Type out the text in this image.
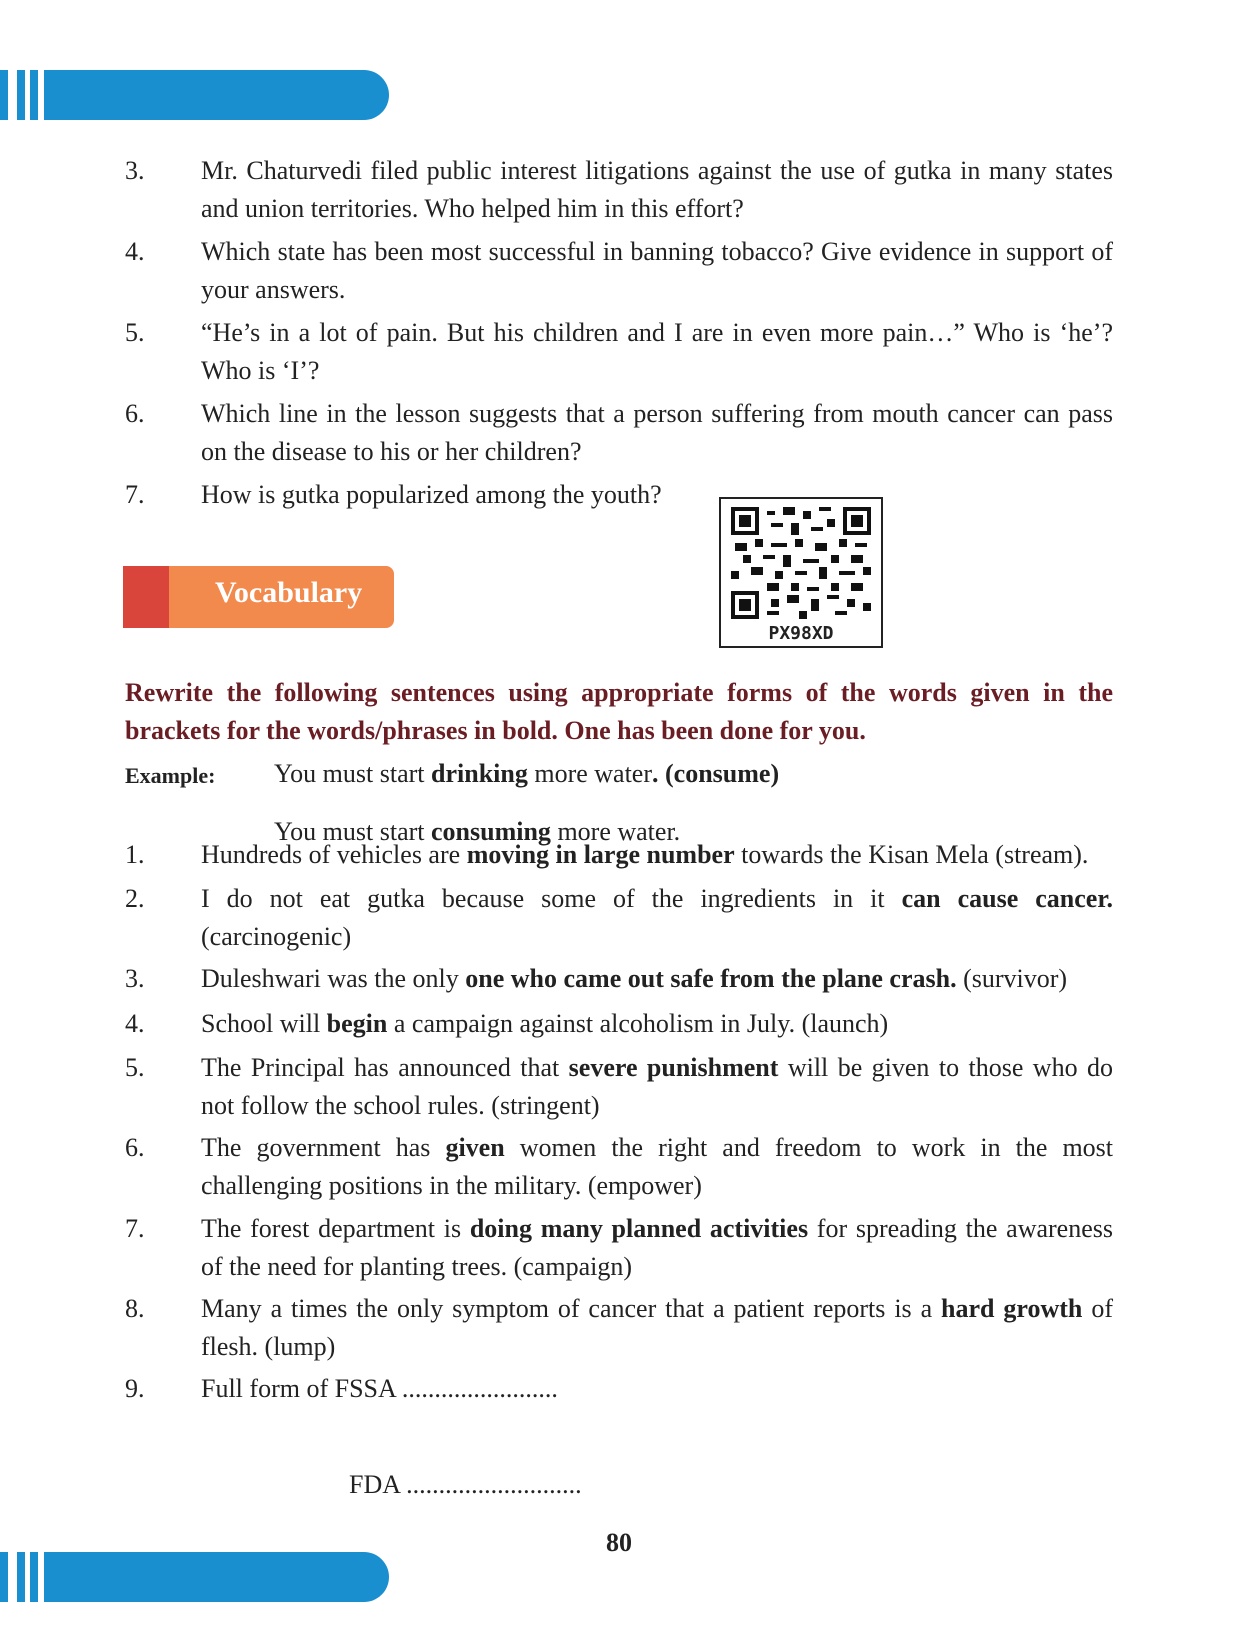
3.	Mr. Chaturvedi filed public interest litigations against the use of gutka in many states and union territories. Who helped him in this effort?
4.	Which state has been most successful in banning tobacco? Give evidence in support of your answers.
5.	“He’s in a lot of pain. But his children and I are in even more pain…” Who is ‘he’? Who is ‘I’?
6.	Which line in the lesson suggests that a person suffering from mouth cancer can pass on the disease to his or her children?
7.	How is gutka popularized among the youth?
Vocabulary
PX98XD
Rewrite the following sentences using appropriate forms of the words given in the brackets for the words/phrases in bold. One has been done for you.
Example: You must start drinking more water. (consume)
You must start consuming more water.
1.	Hundreds of vehicles are moving in large number towards the Kisan Mela (stream).
2.	I do not eat gutka because some of the ingredients in it can cause cancer. (carcinogenic)
3.	Duleshwari was the only one who came out safe from the plane crash. (survivor)
4.	School will begin a campaign against alcoholism in July. (launch)
5.	The Principal has announced that severe punishment will be given to those who do not follow the school rules. (stringent)
6.	The government has given women the right and freedom to work in the most challenging positions in the military. (empower)
7.	The forest department is doing many planned activities for spreading the awareness of the need for planting trees. (campaign)
8.	Many a times the only symptom of cancer that a patient reports is a hard growth of flesh. (lump)
9.	Full form of FSSA ........................
FDA ...........................
80
